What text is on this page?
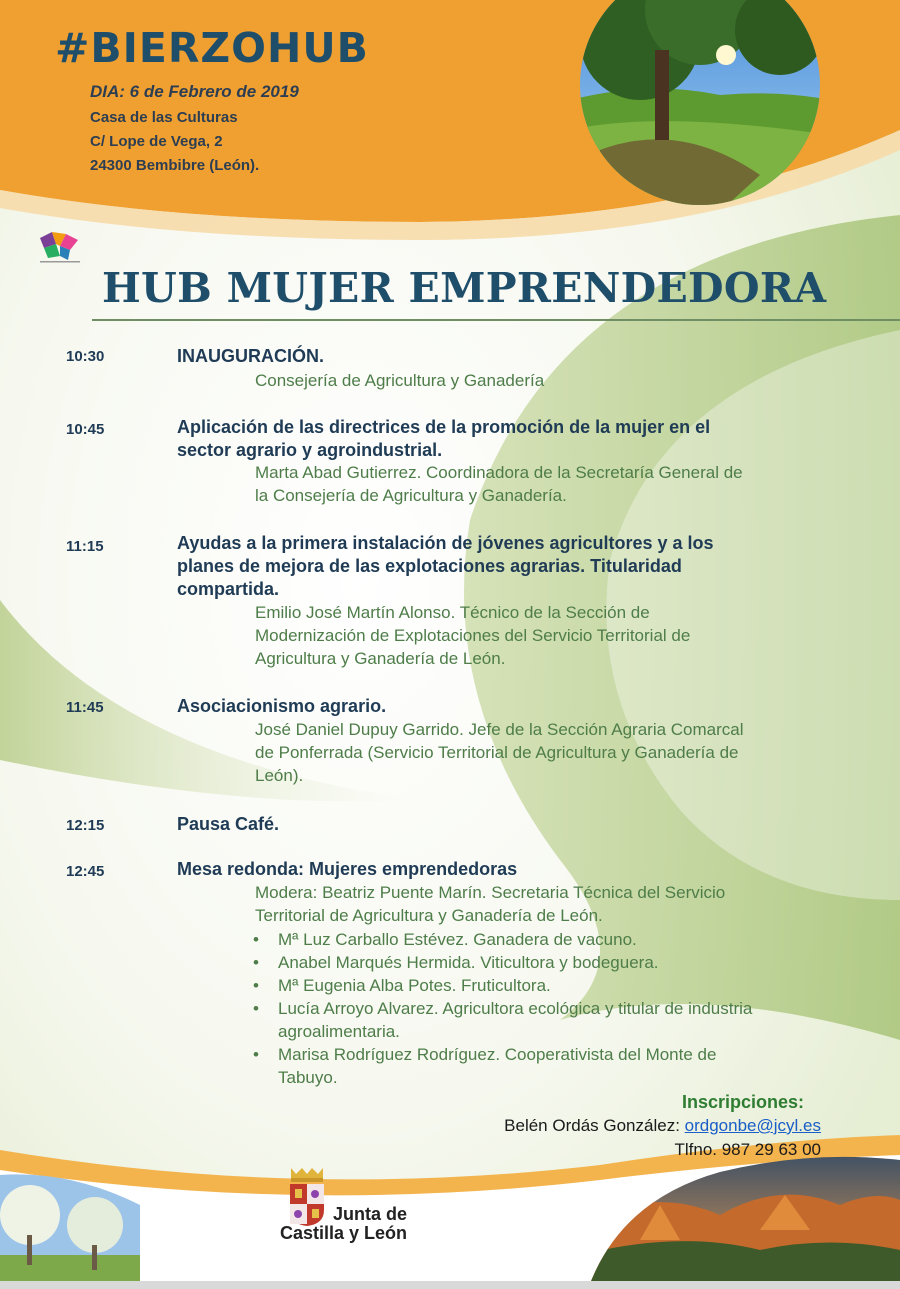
#BIERZOHUB
DIA: 6 de Febrero de 2019
Casa de las Culturas
C/ Lope de Vega, 2
24300 Bembibre (León).
HUB MUJER EMPRENDEDORA
10:30	INAUGURACIÓN.
Consejería de Agricultura y Ganadería
10:45	Aplicación de las directrices de la promoción de la mujer en el
sector agrario y agroindustrial.
Marta Abad Gutierrez. Coordinadora de la Secretaría General de
la Consejería de Agricultura y Ganadería.
11:15	Ayudas a la primera instalación de jóvenes agricultores y a los
planes de mejora de las explotaciones agrarias. Titularidad
compartida.
Emilio José Martín Alonso. Técnico de la Sección de
Modernización de Explotaciones del Servicio Territorial de
Agricultura y Ganadería de León.
11:45	Asociacionismo agrario.
José Daniel Dupuy Garrido. Jefe de la Sección Agraria Comarcal
de Ponferrada (Servicio Territorial de Agricultura y Ganadería de
León).
12:15	Pausa Café.
12:45	Mesa redonda: Mujeres emprendedoras
Modera: Beatriz Puente Marín. Secretaria Técnica del Servicio
Territorial de Agricultura y Ganadería de León.
• Mª Luz Carballo Estévez. Ganadera de vacuno.
• Anabel Marqués Hermida. Viticultora y bodeguera.
• Mª Eugenia Alba Potes. Fruticultora.
• Lucía Arroyo Alvarez. Agricultora ecológica y titular de industria
agroalimentaria.
• Marisa Rodríguez Rodríguez. Cooperativista del Monte de
Tabuyo.
Inscripciones:
Belén Ordás González: ordgonbe@jcyl.es
Tlfno. 987 29 63 00
Junta de
Castilla y León
